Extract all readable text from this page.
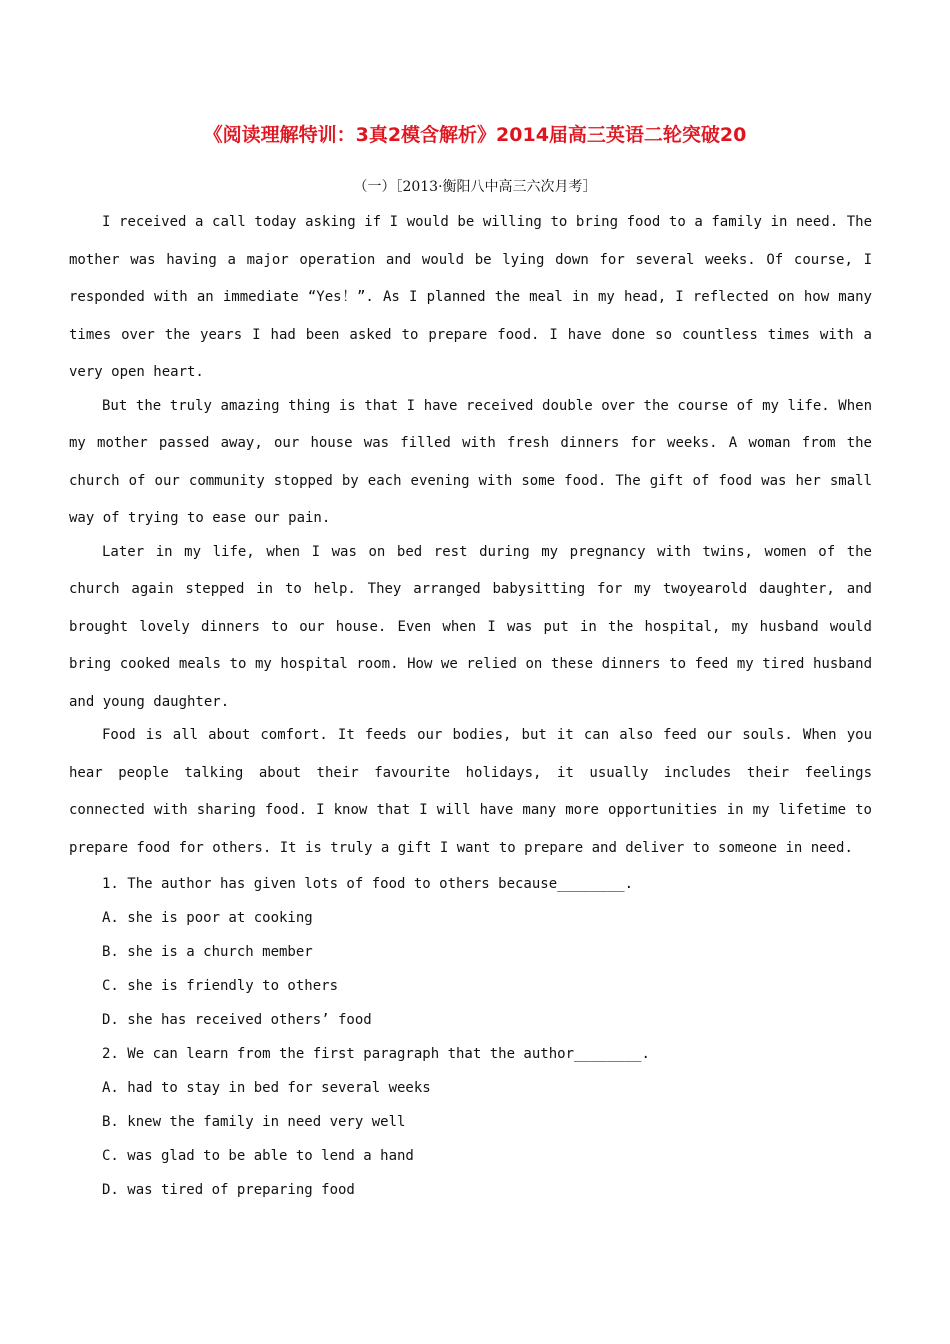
《阅读理解特训：3真2模含解析》2014届高三英语二轮突破20
（一）［2013·衡阳八中高三六次月考］

I received a call today asking if I would be willing to bring food to a family in need. The mother was having a major operation and would be lying down for several weeks. Of course, I responded with an immediate “Yes！”. As I planned the meal in my head, I reflected on how many times over the years I had been asked to prepare food. I have done so countless times with a very open heart.

But the truly amazing thing is that I have received double over the course of my life. When my mother passed away, our house was filled with fresh dinners for weeks. A woman from the church of our community stopped by each evening with some food. The gift of food was her small way of trying to ease our pain.

Later in my life, when I was on bed rest during my pregnancy with twins, women of the church again stepped in to help. They arranged babysitting for my twoyearold daughter, and brought lovely dinners to our house. Even when I was put in the hospital, my husband would bring cooked meals to my hospital room. How we relied on these dinners to feed my tired husband and young daughter.

Food is all about comfort. It feeds our bodies, but it can also feed our souls. When you hear people talking about their favourite holidays, it usually includes their feelings connected with sharing food. I know that I will have many more opportunities in my lifetime to prepare food for others. It is truly a gift I want to prepare and deliver to someone in need.

1. The author has given lots of food to others because________.

A. she is poor at cooking

B. she is a church member

C. she is friendly to others

D. she has received others’ food

2. We can learn from the first paragraph that the author________.

A. had to stay in bed for several weeks

B. knew the family in need very well

C. was glad to be able to lend a hand

D. was tired of preparing food
